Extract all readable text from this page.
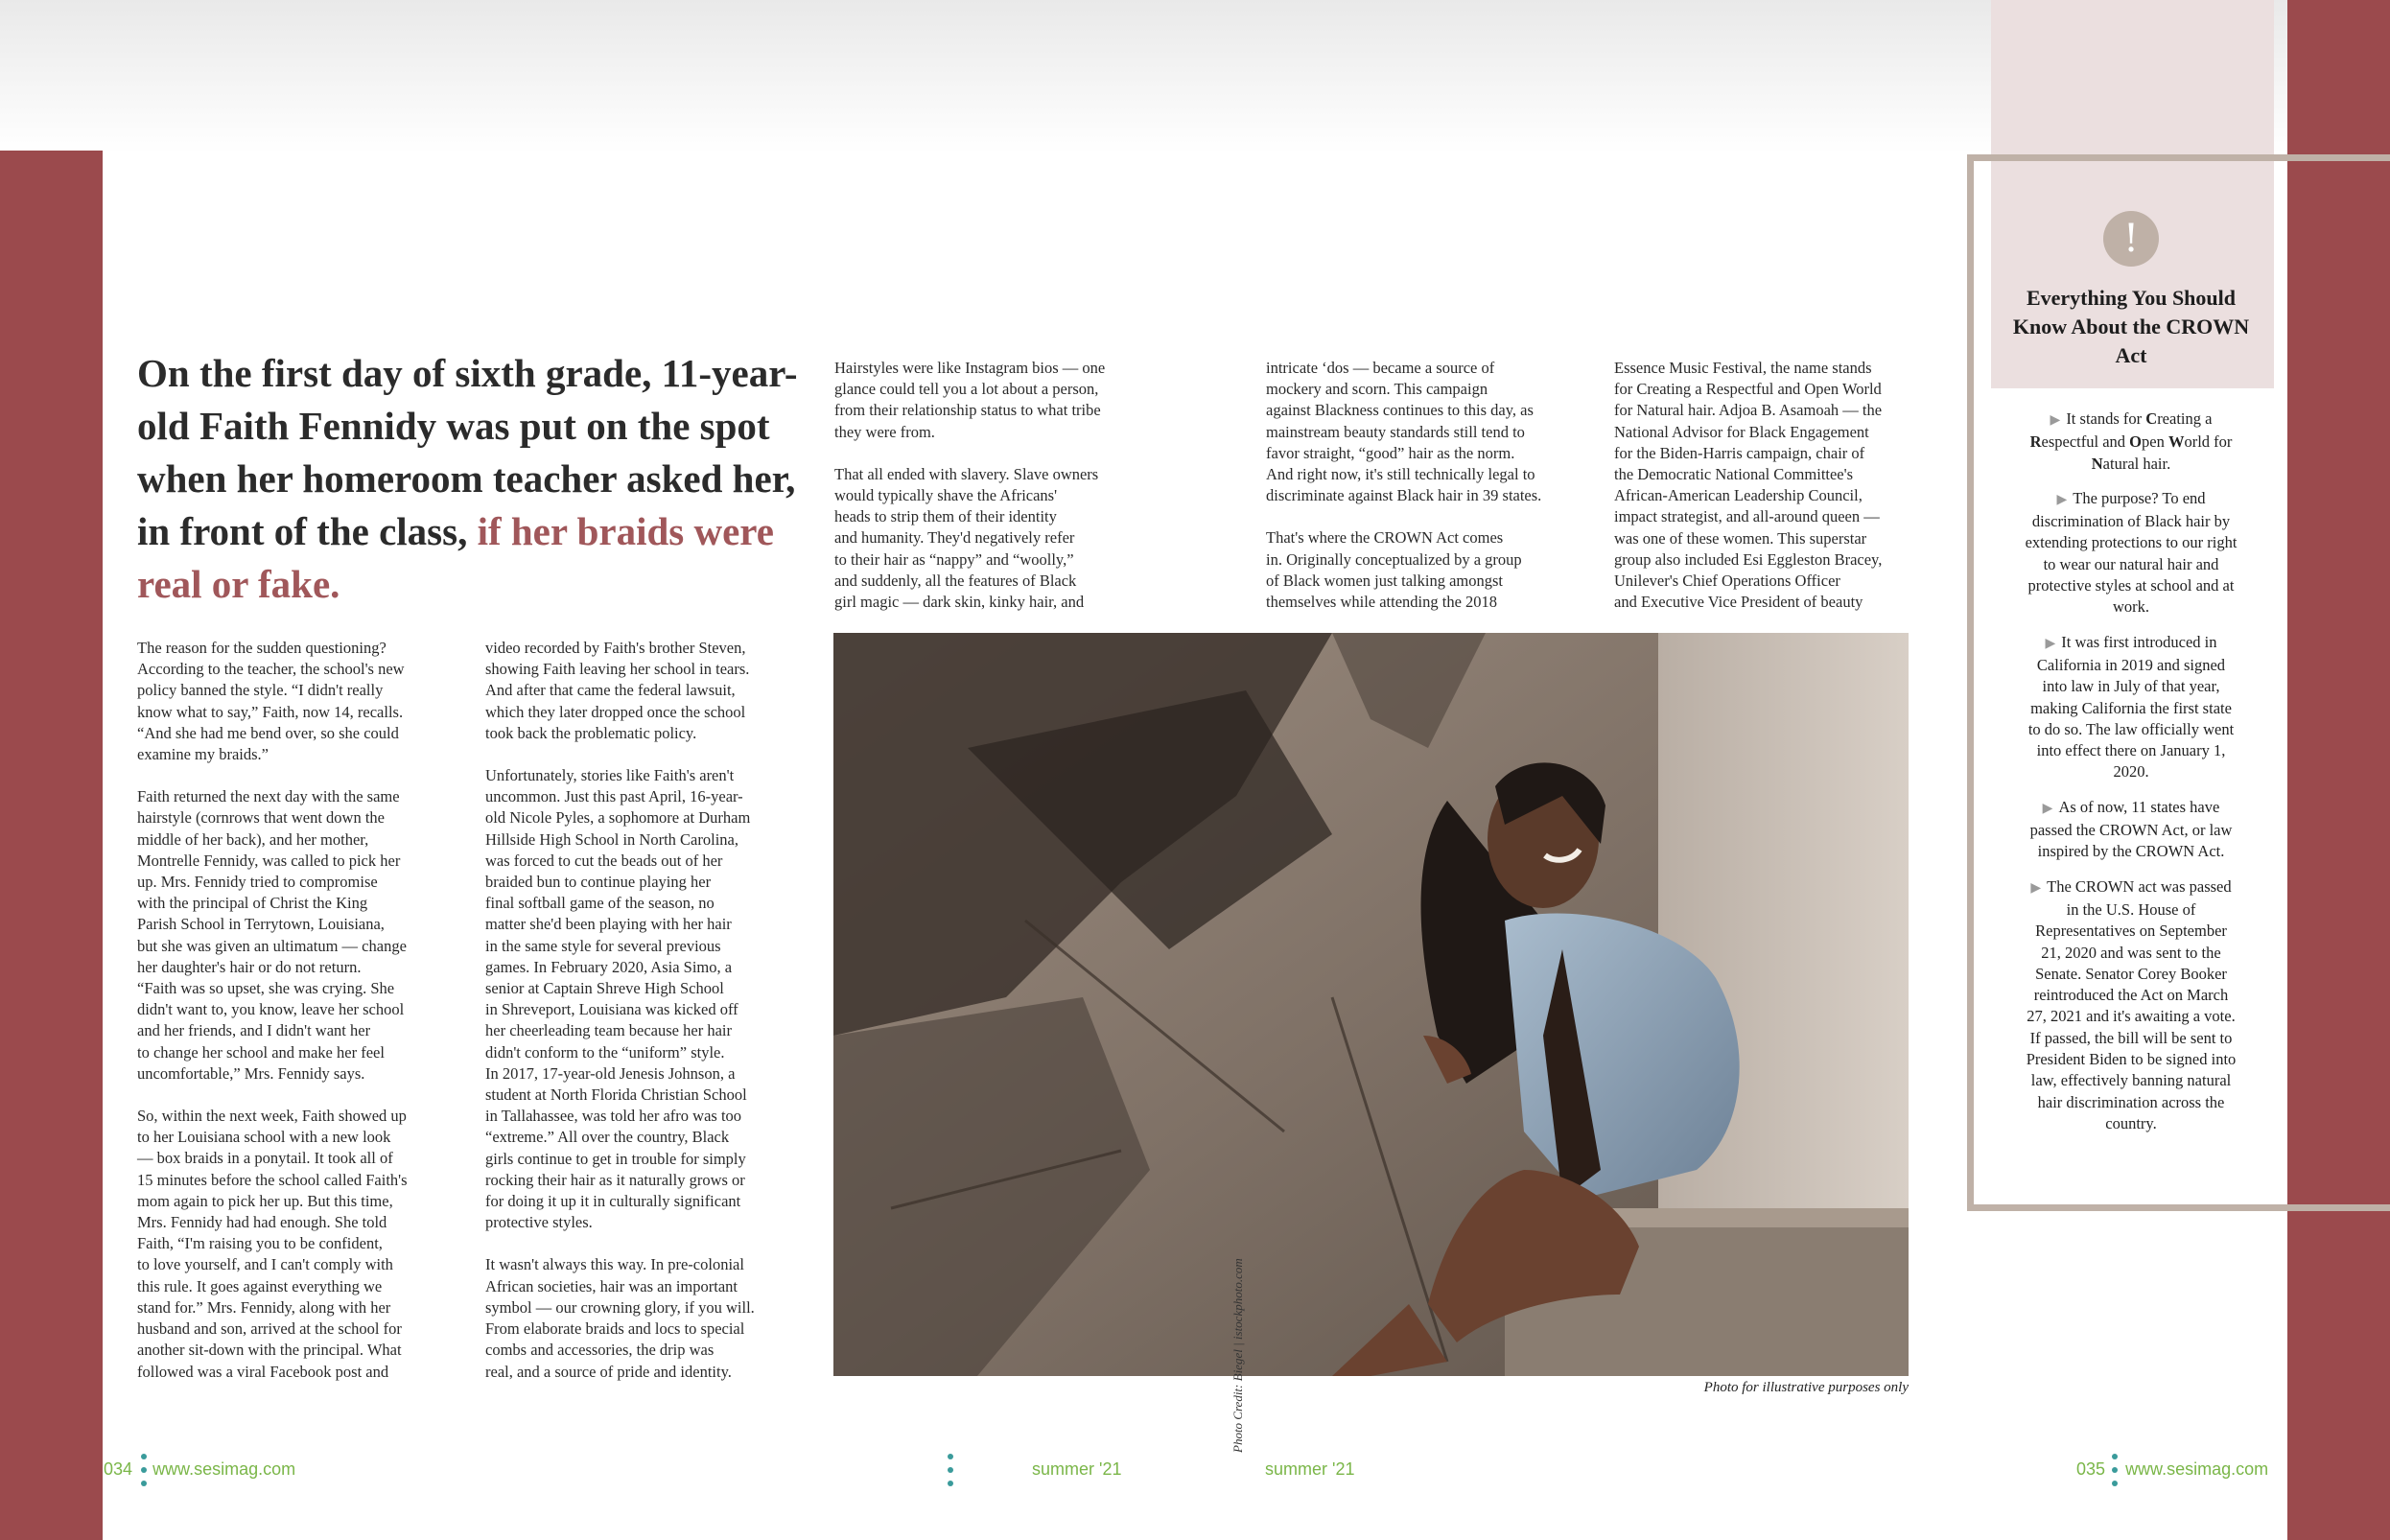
!
Everything You Should Know About the CROWN Act
▶ It stands for Creating a Respectful and Open World for Natural hair.
▶ The purpose? To end discrimination of Black hair by extending protections to our right to wear our natural hair and protective styles at school and at work.
▶ It was first introduced in California in 2019 and signed into law in July of that year, making California the first state to do so. The law officially went into effect there on January 1, 2020.
▶ As of now, 11 states have passed the CROWN Act, or law inspired by the CROWN Act.
▶ The CROWN act was passed in the U.S. House of Representatives on September 21, 2020 and was sent to the Senate. Senator Corey Booker reintroduced the Act on March 27, 2021 and it's awaiting a vote. If passed, the bill will be sent to President Biden to be signed into law, effectively banning natural hair discrimination across the country.
On the first day of sixth grade, 11-year-old Faith Fennidy was put on the spot when her homeroom teacher asked her, in front of the class, if her braids were real or fake.

The reason for the sudden questioning?
According to the teacher, the school's new
policy banned the style. “I didn't really
know what to say,” Faith, now 14, recalls.
“And she had me bend over, so she could
examine my braids.”

Faith returned the next day with the same
hairstyle (cornrows that went down the
middle of her back), and her mother,
Montrelle Fennidy, was called to pick her
up. Mrs. Fennidy tried to compromise
with the principal of Christ the King
Parish School in Terrytown, Louisiana,
but she was given an ultimatum — change
her daughter's hair or do not return.
“Faith was so upset, she was crying. She
didn't want to, you know, leave her school
and her friends, and I didn't want her
to change her school and make her feel
uncomfortable,” Mrs. Fennidy says.

So, within the next week, Faith showed up
to her Louisiana school with a new look
— box braids in a ponytail. It took all of
15 minutes before the school called Faith's
mom again to pick her up. But this time,
Mrs. Fennidy had had enough. She told
Faith, “I'm raising you to be confident,
to love yourself, and I can't comply with
this rule. It goes against everything we
stand for.” Mrs. Fennidy, along with her
husband and son, arrived at the school for
another sit-down with the principal. What
followed was a viral Facebook post and

video recorded by Faith's brother Steven,
showing Faith leaving her school in tears.
And after that came the federal lawsuit,
which they later dropped once the school
took back the problematic policy.

Unfortunately, stories like Faith's aren't
uncommon. Just this past April, 16-year-
old Nicole Pyles, a sophomore at Durham
Hillside High School in North Carolina,
was forced to cut the beads out of her
braided bun to continue playing her
final softball game of the season, no
matter she'd been playing with her hair
in the same style for several previous
games. In February 2020, Asia Simo, a
senior at Captain Shreve High School
in Shreveport, Louisiana was kicked off
her cheerleading team because her hair
didn't conform to the “uniform” style.
In 2017, 17-year-old Jenesis Johnson, a
student at North Florida Christian School
in Tallahassee, was told her afro was too
“extreme.” All over the country, Black
girls continue to get in trouble for simply
rocking their hair as it naturally grows or
for doing it up it in culturally significant
protective styles.

It wasn't always this way. In pre-colonial
African societies, hair was an important
symbol — our crowning glory, if you will.
From elaborate braids and locs to special
combs and accessories, the drip was
real, and a source of pride and identity.

Hairstyles were like Instagram bios — one
glance could tell you a lot about a person,
from their relationship status to what tribe
they were from.

That all ended with slavery. Slave owners
would typically shave the Africans'
heads to strip them of their identity
and humanity. They'd negatively refer
to their hair as “nappy” and “woolly,”
and suddenly, all the features of Black
girl magic — dark skin, kinky hair, and

intricate ‘dos — became a source of
mockery and scorn. This campaign
against Blackness continues to this day, as
mainstream beauty standards still tend to
favor straight, “good” hair as the norm.
And right now, it's still technically legal to
discriminate against Black hair in 39 states.

That's where the CROWN Act comes
in. Originally conceptualized by a group
of Black women just talking amongst
themselves while attending the 2018

Essence Music Festival, the name stands
for Creating a Respectful and Open World
for Natural hair. Adjoa B. Asamoah — the
National Advisor for Black Engagement
for the Biden-Harris campaign, chair of
the Democratic National Committee's
African-American Leadership Council,
impact strategist, and all-around queen —
was one of these women. This superstar
group also included Esi Eggleston Bracey,
Unilever's Chief Operations Officer
and Executive Vice President of beauty

Photo for illustrative purposes only
Photo Credit: Biegel | istockphoto.com
034 www.sesimag.com	summer '21	summer '21	035 www.sesimag.com
